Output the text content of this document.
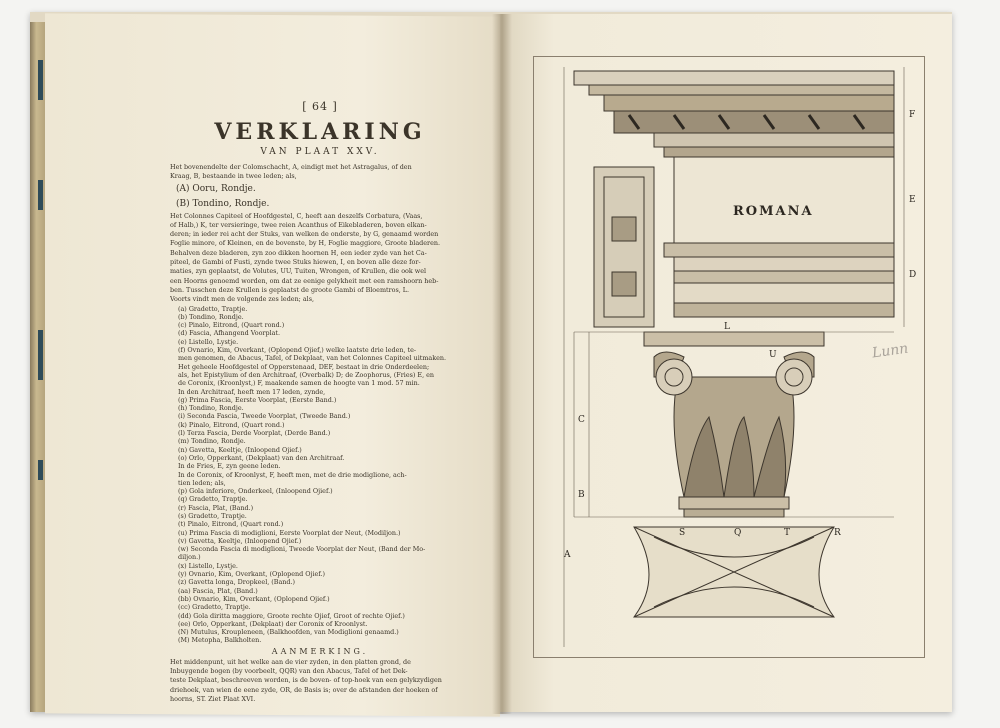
[ 64 ]
VERKLARING
VAN PLAAT XXV.

Het bovenendelte der Colomschacht, A, eindigt met het Astragalus, of den

Kraag, B, bestaande in twee leden; als,

(A) Ooru, Rondje.

(B) Tondino, Rondje.

Het Colonnes Capiteel of Hoofdgestel, C, heeft aan deszelfs Corbatura, (Vaas,

of Halb,) K, ter versieringe, twee reien Acanthus of Eikebladeren, boven elkan-

deren; in ieder rei acht der Stuks, van welken de onderste, by G, genaamd worden

Foglie minore, of Kleinen, en de bovenste, by H, Foglie maggiore, Groote bladeren.

Behalven deze bladeren, zyn zoo dikken hoornen H, een ieder zyde van het Ca-

piteel, de Gambi of Fusti, zynde twee Stuks hiewen, I, en boven alle deze for-

maties, zyn geplaatst, de Volutes, UU, Tuiten, Wrongen, of Krullen, die ook wel

een Hoorns genoemd worden, om dat ze eenige gelykheit met een ramshoorn heb-

ben. Tusschen deze Krullen is geplaatst de groote Gambi of Bloemtros, L.

Voorts vindt men de volgende zes leden; als,

(a) Gradetto, Traptje.

(b) Tondino, Rondje.

(c) Pinalo, Eitrond, (Quart rond.)

(d) Fascia, Afhangend Voorplat.

(e) Listello, Lystje.

(f) Ovnario, Kim, Overkant, (Oplopend Ojief,) welke laatste drie leden, te-

men genomen, de Abacus, Tafel, of Dekplaat, van het Colonnes Capiteel uitmaken.

Het geheele Hoofdgestel of Opperstenaad, DEF, bestaat in drie Onderdeelen;

als, het Epistylium of den Architraaf, (Overbalk) D; de Zoophorus, (Fries) E, en

de Coronix, (Kroonlyst,) F, maakende samen de hoogte van 1 mod. 57 min.

In den Architraaf, heeft men 17 leden, zynde,

(g) Prima Fascia, Eerste Voorplat, (Eerste Band.)

(h) Tondino, Rondje.

(i) Seconda Fascia, Tweede Voorplat, (Tweede Band.)

(k) Pinalo, Eitrond, (Quart rond.)

(l) Terza Fascia, Derde Voorplat, (Derde Band.)

(m) Tondino, Rondje.

(n) Gavetta, Keeltje, (Inloopend Ojief.)

(o) Orlo, Opperkant, (Dekplaat) van den Architraaf.

In de Fries, E, zyn geene leden.

In de Coronix, of Kroonlyst, F, heeft men, met de drie modiglione, ach-

tien leden; als,

(p) Gola inferiore, Onderkeel, (Inloopend Ojief.)

(q) Gradetto, Traptje.

(r) Fascia, Plat, (Band.)

(s) Gradetto, Traptje.

(t) Pinalo, Eitrond, (Quart rond.)

(u) Prima Fascia di modiglioni, Eerste Voorplat der Neut, (Modiljon.)

(v) Gavetta, Keeltje, (Inloopend Ojief.)

(w) Seconda Fascia di modiglioni, Tweede Voorplat der Neut, (Band der Mo-

diljon.)

(x) Listello, Lystje.

(y) Ovnario, Kim, Overkant, (Oplopend Ojief.)

(z) Gavetta longa, Dropkeel, (Band.)

(aa) Fascia, Plat, (Band.)

(bb) Ovnario, Kim, Overkant, (Oplopend Ojief.)

(cc) Gradetto, Traptje.

(dd) Gola diritta maggiore, Groote rechte Ojief, Groot of rechte Ojief.)

(ee) Orlo, Opperkant, (Dekplaat) der Coronix of Kroonlyst.

(N) Mutulus, Kroupleneen, (Balkhoofden, van Modiglioni genaamd.)

(M) Metopha, Balkholten.

AANMERKING.

Het middenpunt, uit het welke aan de vier zyden, in den platten grond, de

Inbuygende bogen (by voorbeelt, QQR) van den Abacus, Tafel of het Dek-

teste Dekplaat, beschreeven worden, is de boven- of top-hoek van een gelykzydigen

driehoek, van wien de eene zyde, OR, de Basis is; over de afstanden der hoeken of

hoorns, ST. Ziet Plaat XVI.

F
E
D
C
B
A
L
U
S	T
Q	R
ROMANA
Lunn
